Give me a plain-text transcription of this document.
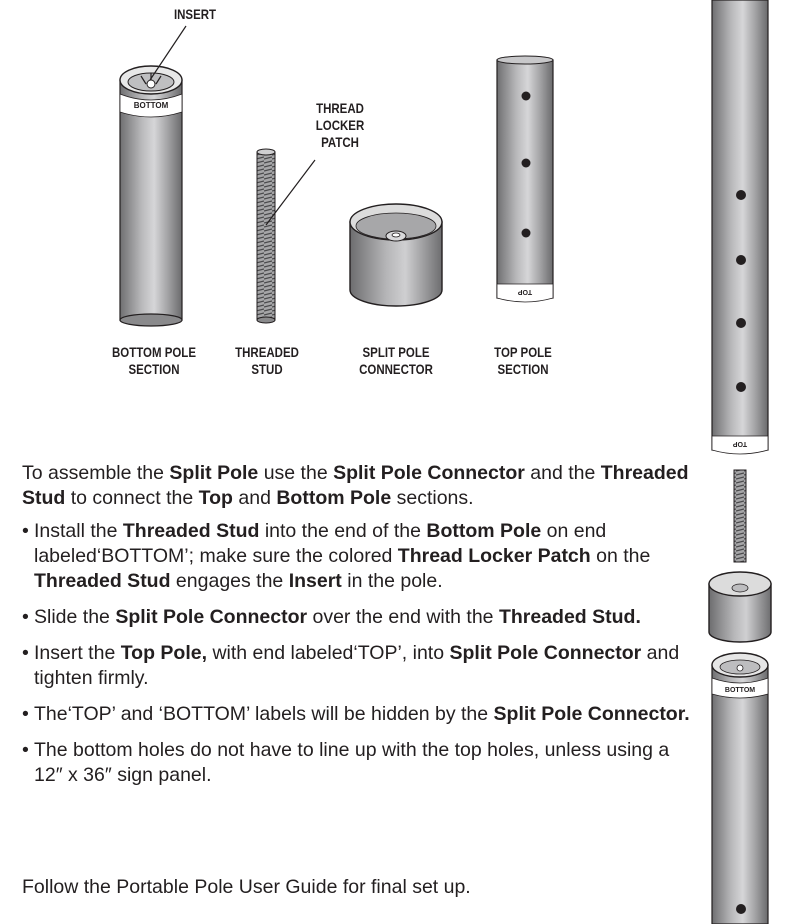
BOTTOM
TOP
TOP
BOTTOM
INSERT
THREAD
LOCKER
PATCH
BOTTOM POLE
SECTION
THREADED
STUD
SPLIT POLE
CONNECTOR
TOP POLE
SECTION

To assemble the Split Pole use the Split Pole Connector and the Threaded Stud to connect the Top and Bottom Pole sections.

• Install the Threaded Stud into the end of the Bottom Pole on end labeled‘BOTTOM’; make sure the colored Thread Locker Patch on the Threaded Stud engages the Insert in the pole.
• Slide the Split Pole Connector over the end with the Threaded Stud.
• Insert the Top Pole, with end labeled‘TOP’, into Split Pole Connector and tighten firmly.
• The‘TOP’ and ‘BOTTOM’ labels will be hidden by the Split Pole Connector.
• The bottom holes do not have to line up with the top holes, unless using a 12″ x 36″ sign panel.
Follow the Portable Pole User Guide for final set up.
